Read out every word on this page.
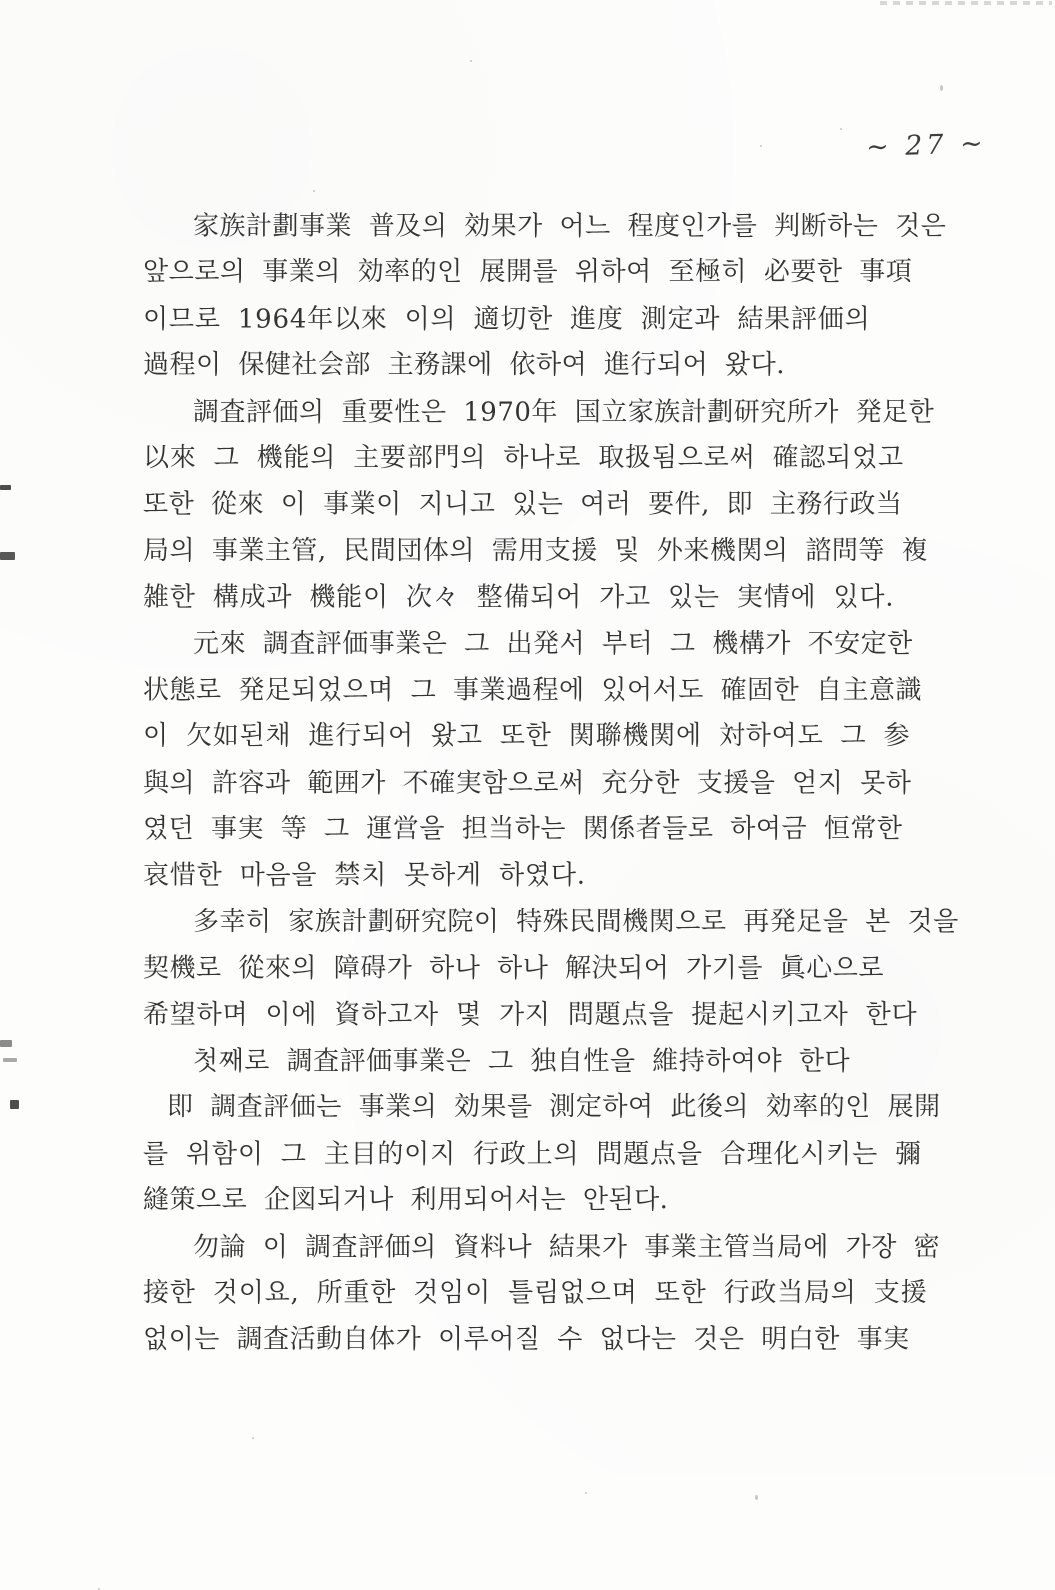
~ 27 ~
家族計劃事業 普及의 効果가 어느 程度인가를 判断하는 것은
앞으로의 事業의 効率的인 展開를 위하여 至極히 必要한 事項
이므로 1964年以來 이의 適切한 進度 測定과 結果評価의
過程이 保健社会部 主務課에 依하여 進行되어 왔다.
調査評価의 重要性은 1970年 国立家族計劃研究所가 発足한
以來 그 機能의 主要部門의 하나로 取扱됨으로써 確認되었고
또한 從來 이 事業이 지니고 있는 여러 要件, 即 主務行政当
局의 事業主管, 民間団体의 需用支援 및 外来機関의 諮問等 複
雑한 構成과 機能이 次々 整備되어 가고 있는 実情에 있다.
元來 調査評価事業은 그 出発서 부터 그 機構가 不安定한
状態로 発足되었으며 그 事業過程에 있어서도 確固한 自主意識
이 欠如된채 進行되어 왔고 또한 関聯機関에 対하여도 그 参
與의 許容과 範囲가 不確実함으로써 充分한 支援을 얻지 못하
였던 事実 等 그 運営을 担当하는 関係者들로 하여금 恒常한
哀惜한 마음을 禁치 못하게 하였다.
多幸히 家族計劃研究院이 特殊民間機関으로 再発足을 본 것을
契機로 從來의 障碍가 하나 하나 解決되어 가기를 眞心으로
希望하며 이에 資하고자 몇 가지 問題点을 提起시키고자 한다
첫째로 調査評価事業은 그 独自性을 維持하여야 한다
即 調査評価는 事業의 効果를 測定하여 此後의 効率的인 展開
를 위함이 그 主目的이지 行政上의 問題点을 合理化시키는 彌
縫策으로 企図되거나 利用되어서는 안된다.
勿論 이 調査評価의 資料나 結果가 事業主管当局에 가장 密
接한 것이요, 所重한 것임이 틀림없으며 또한 行政当局의 支援
없이는 調査活動自体가 이루어질 수 없다는 것은 明白한 事実
